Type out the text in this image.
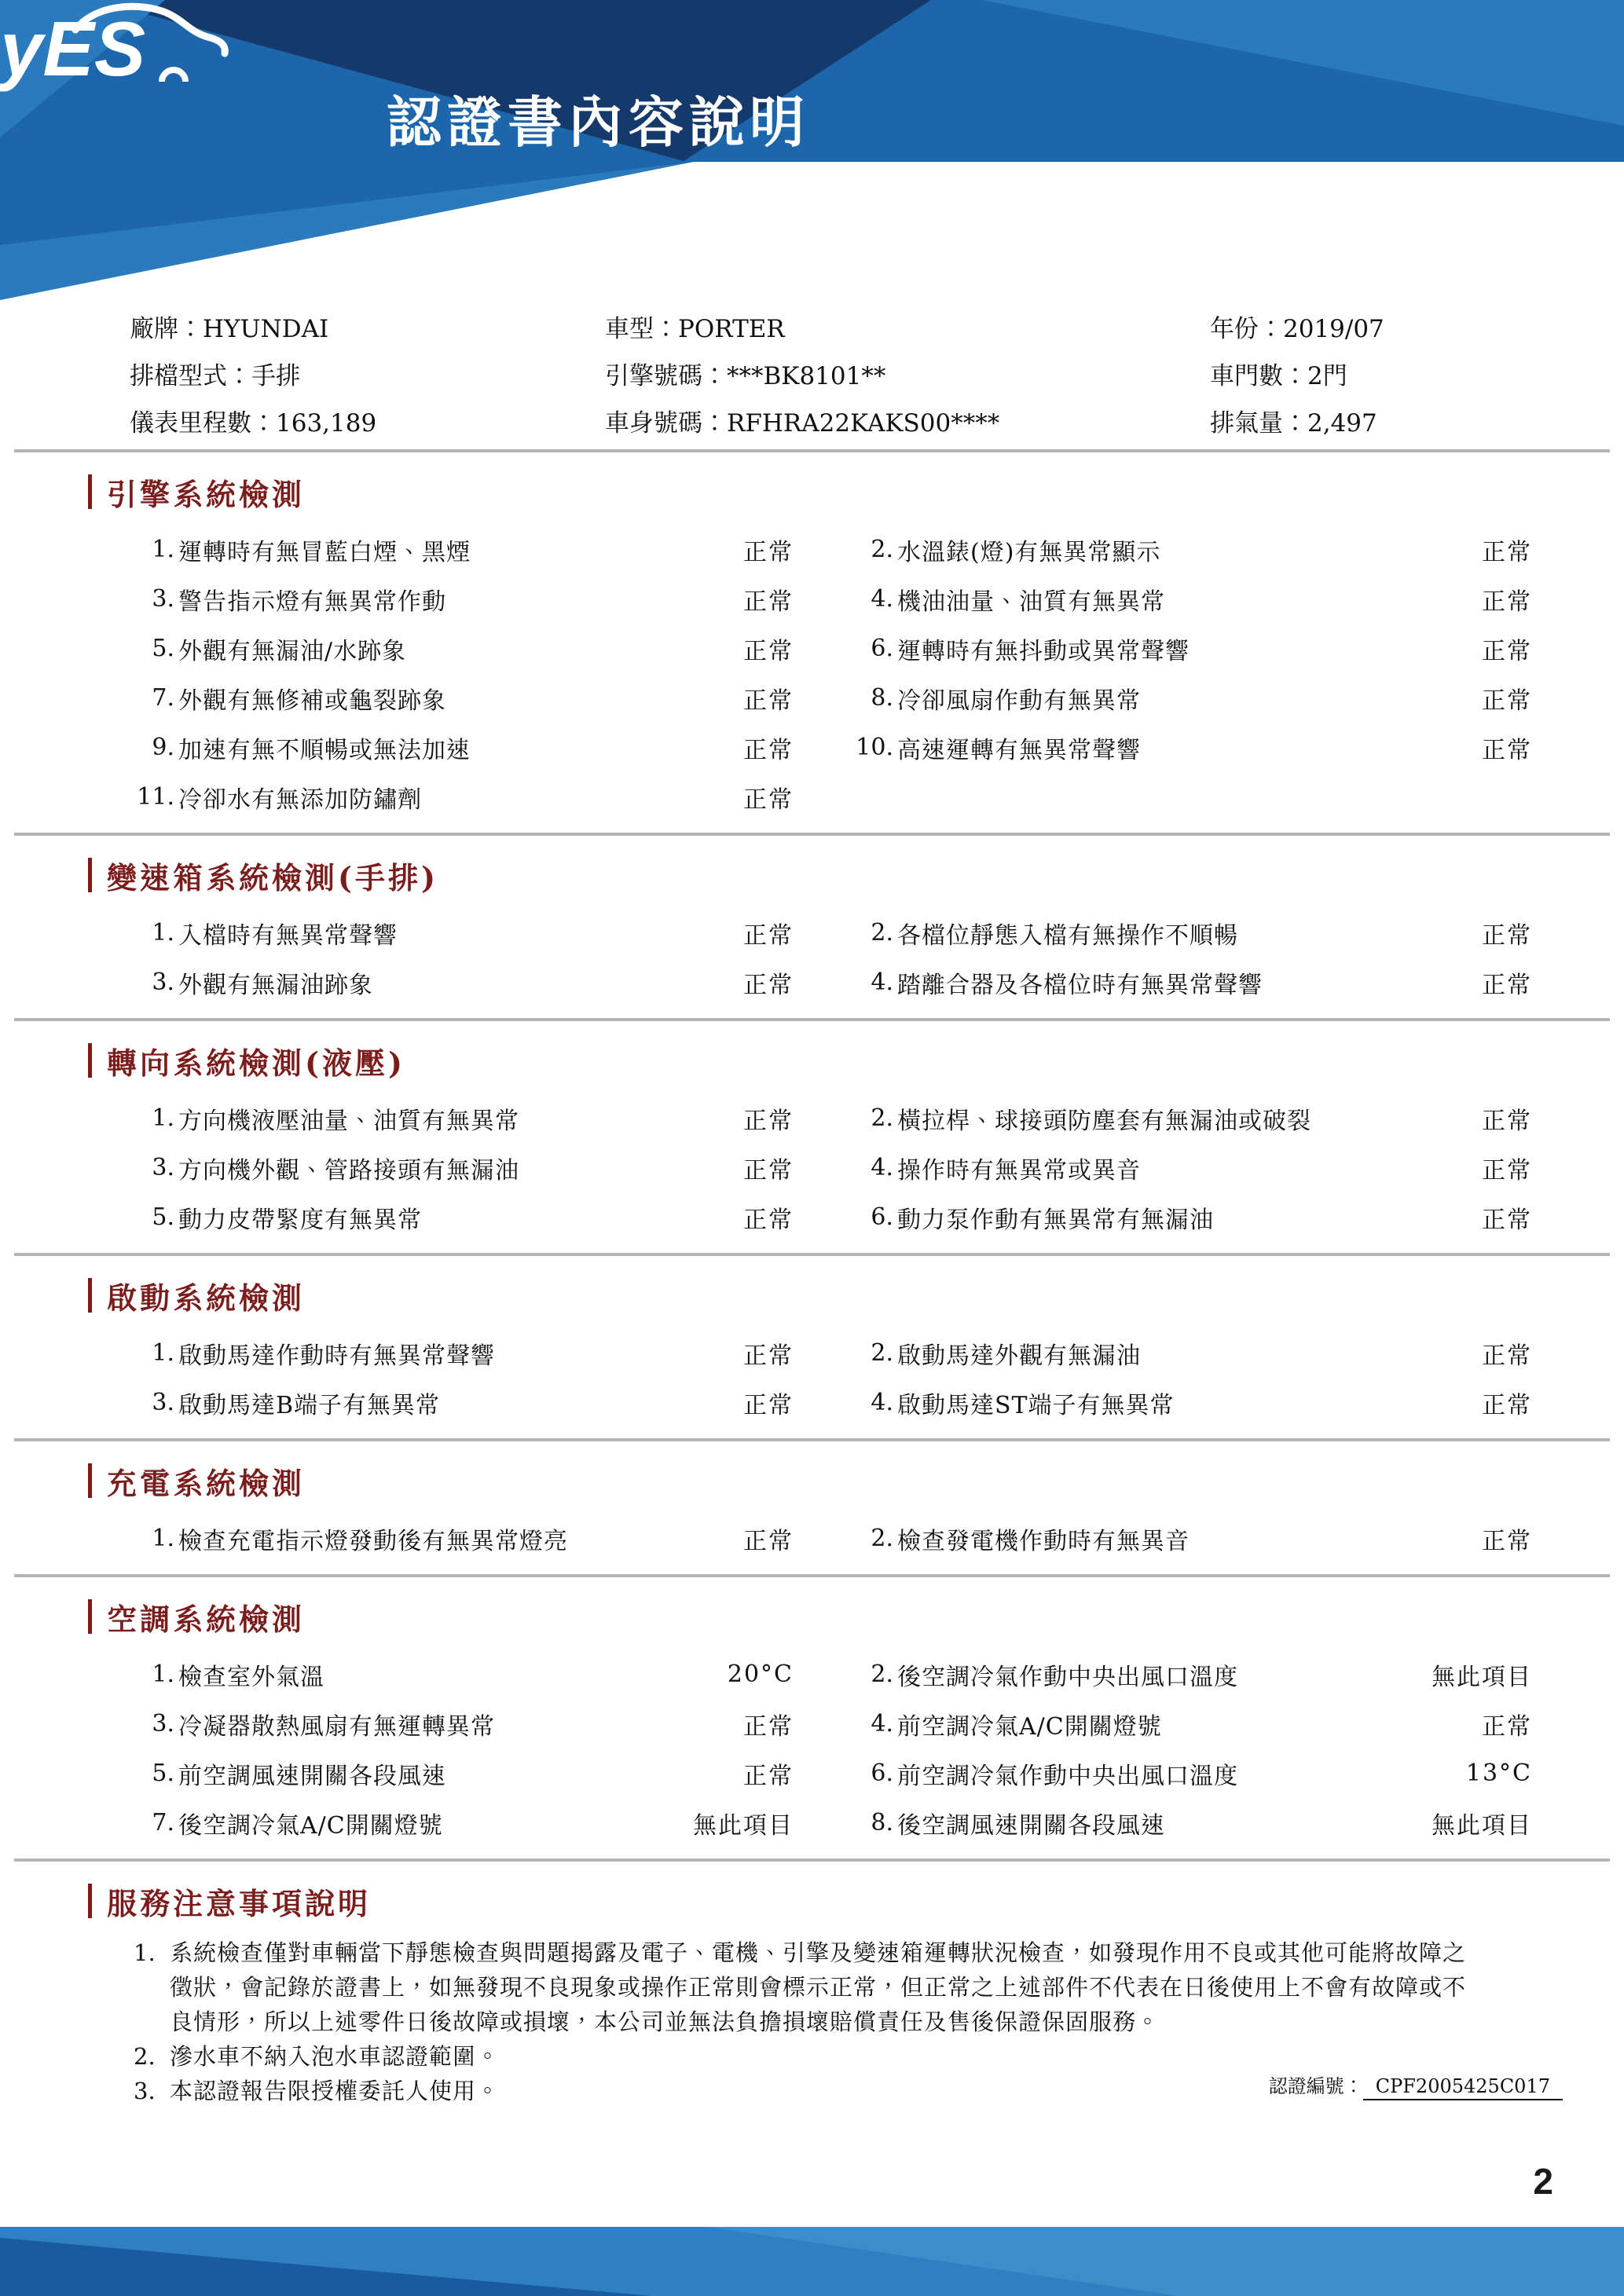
yES
認證書內容說明
廠牌：HYUNDAI	車型：PORTER	年份：2019/07
排檔型式：手排	引擎號碼：***BK8101**	車門數：2門
儀表里程數：163,189	車身號碼：RFHRA22KAKS00****	排氣量：2,497
引擎系統檢測
1. 運轉時有無冒藍白煙、黑煙	正常	2. 水溫錶(燈)有無異常顯示	正常
3. 警告指示燈有無異常作動	正常	4. 機油油量、油質有無異常	正常
5. 外觀有無漏油/水跡象	正常	6. 運轉時有無抖動或異常聲響	正常
7. 外觀有無修補或龜裂跡象	正常	8. 冷卻風扇作動有無異常	正常
9. 加速有無不順暢或無法加速	正常	10. 高速運轉有無異常聲響	正常
11. 冷卻水有無添加防鏽劑	正常
變速箱系統檢測(手排)
1. 入檔時有無異常聲響	正常	2. 各檔位靜態入檔有無操作不順暢	正常
3. 外觀有無漏油跡象	正常	4. 踏離合器及各檔位時有無異常聲響	正常
轉向系統檢測(液壓)
1. 方向機液壓油量、油質有無異常	正常	2. 橫拉桿、球接頭防塵套有無漏油或破裂	正常
3. 方向機外觀、管路接頭有無漏油	正常	4. 操作時有無異常或異音	正常
5. 動力皮帶緊度有無異常	正常	6. 動力泵作動有無異常有無漏油	正常
啟動系統檢測
1. 啟動馬達作動時有無異常聲響	正常	2. 啟動馬達外觀有無漏油	正常
3. 啟動馬達B端子有無異常	正常	4. 啟動馬達ST端子有無異常	正常
充電系統檢測
1. 檢查充電指示燈發動後有無異常燈亮	正常	2. 檢查發電機作動時有無異音	正常
空調系統檢測
1. 檢查室外氣溫	20°C	2. 後空調冷氣作動中央出風口溫度	無此項目
3. 冷凝器散熱風扇有無運轉異常	正常	4. 前空調冷氣A/C開關燈號	正常
5. 前空調風速開關各段風速	正常	6. 前空調冷氣作動中央出風口溫度	13°C
7. 後空調冷氣A/C開關燈號	無此項目	8. 後空調風速開關各段風速	無此項目
服務注意事項說明
1. 系統檢查僅對車輛當下靜態檢查與問題揭露及電子、電機、引擎及變速箱運轉狀況檢查，如發現作用不良或其他可能將故障之徵狀，會記錄於證書上，如無發現不良現象或操作正常則會標示正常，但正常之上述部件不代表在日後使用上不會有故障或不良情形，所以上述零件日後故障或損壞，本公司並無法負擔損壞賠償責任及售後保證保固服務。

2. 滲水車不納入泡水車認證範圍。

3. 本認證報告限授權委託人使用。	認證編號： CPF2005425C017
2
